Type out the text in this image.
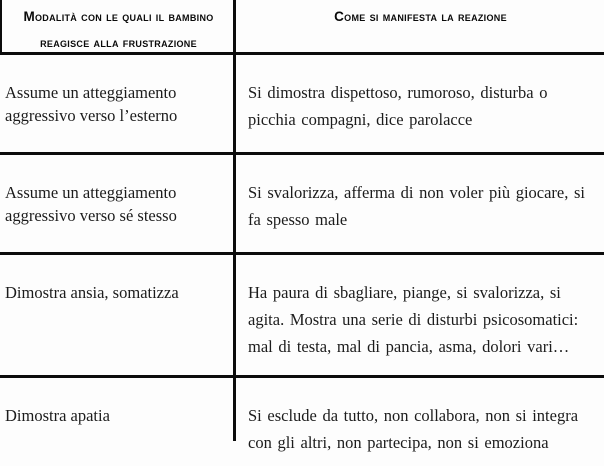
Modalità con le quali il bambino reagisce alla frustrazione
Come si manifesta la reazione
Assume un atteggiamento aggressivo verso l’esterno
Si dimostra dispettoso, rumoroso, disturba o picchia compagni, dice parolacce
Assume un atteggiamento aggressivo verso sé stesso
Si svalorizza, afferma di non voler più giocare, si fa spesso male
Dimostra ansia, somatizza	Ha paura di sbagliare, piange, si svalorizza, si agita. Mostra una serie di disturbi psicosomatici: mal di testa, mal di pancia, asma, dolori vari…
Dimostra apatia	Si esclude da tutto, non collabora, non si integra con gli altri, non partecipa, non si emoziona
